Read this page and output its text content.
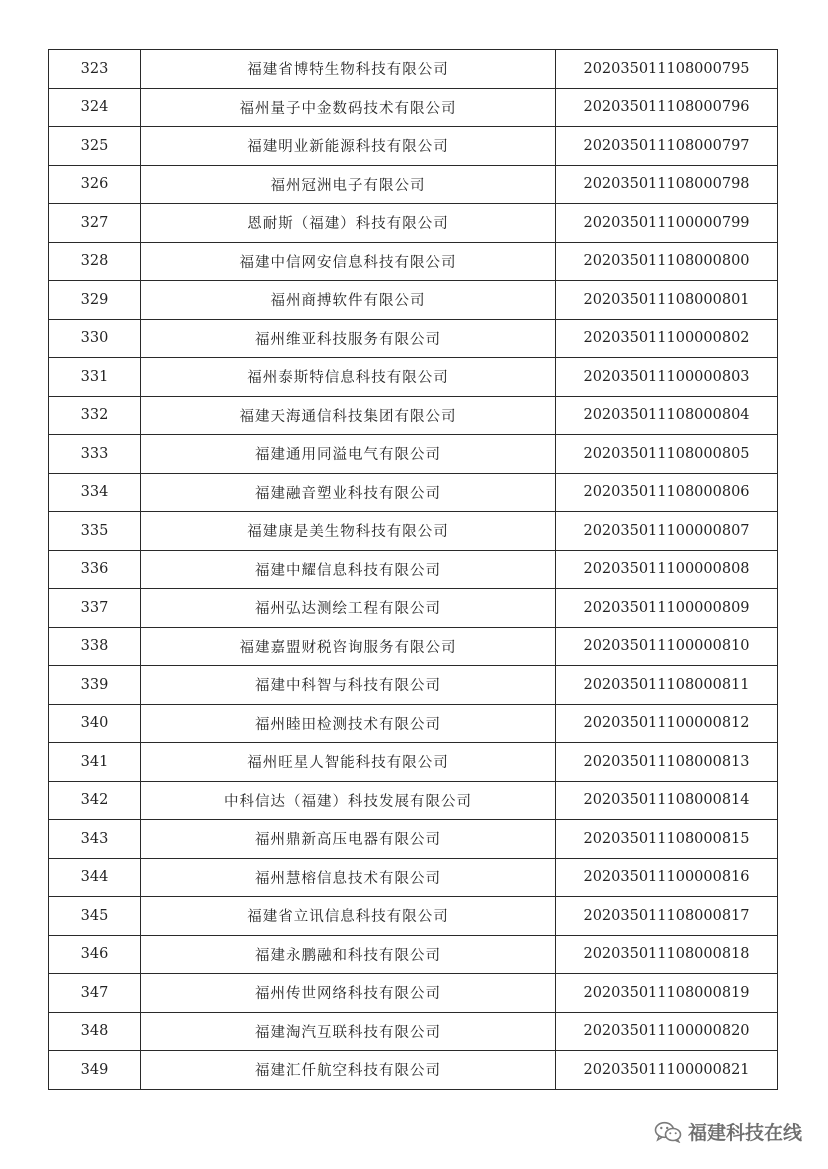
323	福建省博特生物科技有限公司	202035011108000795
324	福州量子中金数码技术有限公司	202035011108000796
325	福建明业新能源科技有限公司	202035011108000797
326	福州冠洲电子有限公司	202035011108000798
327	恩耐斯（福建）科技有限公司	202035011100000799
328	福建中信网安信息科技有限公司	202035011108000800
329	福州商搏软件有限公司	202035011108000801
330	福州维亚科技服务有限公司	202035011100000802
331	福州泰斯特信息科技有限公司	202035011100000803
332	福建天海通信科技集团有限公司	202035011108000804
333	福建通用同溢电气有限公司	202035011108000805
334	福建融音塑业科技有限公司	202035011108000806
335	福建康是美生物科技有限公司	202035011100000807
336	福建中耀信息科技有限公司	202035011100000808
337	福州弘达测绘工程有限公司	202035011100000809
338	福建嘉盟财税咨询服务有限公司	202035011100000810
339	福建中科智与科技有限公司	202035011108000811
340	福州睦田检测技术有限公司	202035011100000812
341	福州旺星人智能科技有限公司	202035011108000813
342	中科信达（福建）科技发展有限公司	202035011108000814
343	福州鼎新高压电器有限公司	202035011108000815
344	福州慧榕信息技术有限公司	202035011100000816
345	福建省立讯信息科技有限公司	202035011108000817
346	福建永鹏融和科技有限公司	202035011108000818
347	福州传世网络科技有限公司	202035011108000819
348	福建淘汽互联科技有限公司	202035011100000820
349	福建汇仟航空科技有限公司	202035011100000821
福建科技在线
